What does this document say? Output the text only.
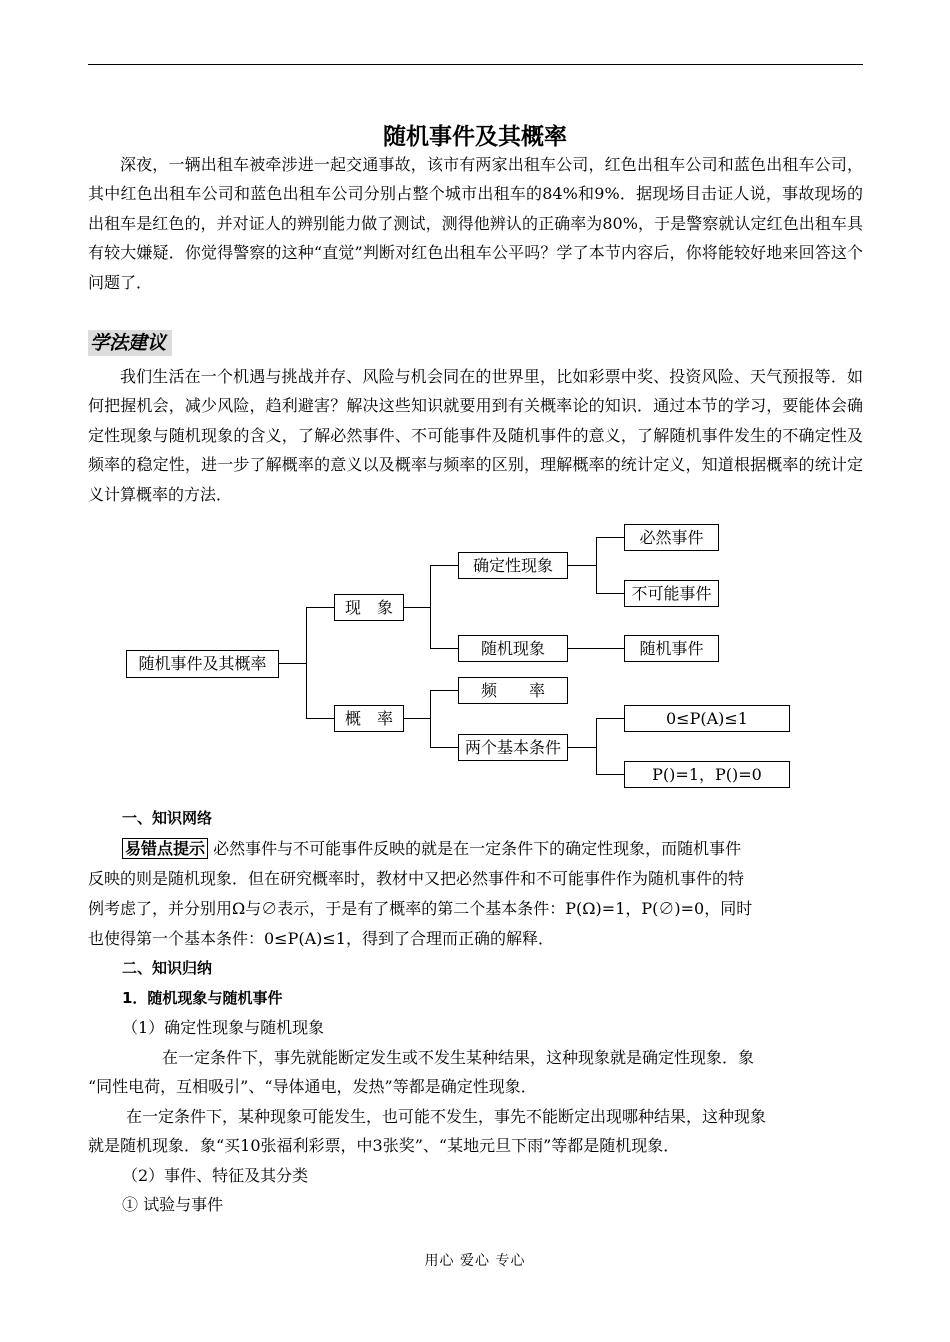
随机事件及其概率
深夜，一辆出租车被牵涉进一起交通事故，该市有两家出租车公司，红色出租车公司和蓝色出租车公司，其中红色出租车公司和蓝色出租车公司分别占整个城市出租车的84%和9%．据现场目击证人说，事故现场的出租车是红色的，并对证人的辨别能力做了测试，测得他辨认的正确率为80%，于是警察就认定红色出租车具有较大嫌疑．你觉得警察的这种“直觉”判断对红色出租车公平吗？学了本节内容后，你将能较好地来回答这个问题了．
学法建议
我们生活在一个机遇与挑战并存、风险与机会同在的世界里，比如彩票中奖、投资风险、天气预报等．如何把握机会，减少风险，趋利避害？解决这些知识就要用到有关概率论的知识．通过本节的学习，要能体会确定性现象与随机现象的含义，了解必然事件、不可能事件及随机事件的意义，了解随机事件发生的不确定性及频率的稳定性，进一步了解概率的意义以及概率与频率的区别，理解概率的统计定义，知道根据概率的统计定义计算概率的方法．
随机事件及其概率
现　象
概　率
确定性现象
随机现象
频　　率
两个基本条件
必然事件
不可能事件
随机事件
0≤P(A)≤1
P()=1，P()=0
一、知识网络
易错点提示 必然事件与不可能事件反映的就是在一定条件下的确定性现象，而随机事件
反映的则是随机现象．但在研究概率时，教材中又把必然事件和不可能事件作为随机事件的特
例考虑了，并分别用Ω与∅表示，于是有了概率的第二个基本条件：P(Ω)=1，P(∅)=0，同时
也使得第一个基本条件：0≤P(A)≤1，得到了合理而正确的解释．
二、知识归纳
1．随机现象与随机事件
（1）确定性现象与随机现象
在一定条件下，事先就能断定发生或不发生某种结果，这种现象就是确定性现象．象
“同性电荷，互相吸引”、“导体通电，发热”等都是确定性现象．
在一定条件下，某种现象可能发生，也可能不发生，事先不能断定出现哪种结果，这种现象
就是随机现象．象“买10张福利彩票，中3张奖”、“某地元旦下雨”等都是随机现象．
（2）事件、特征及其分类
① 试验与事件
用心 爱心 专心
